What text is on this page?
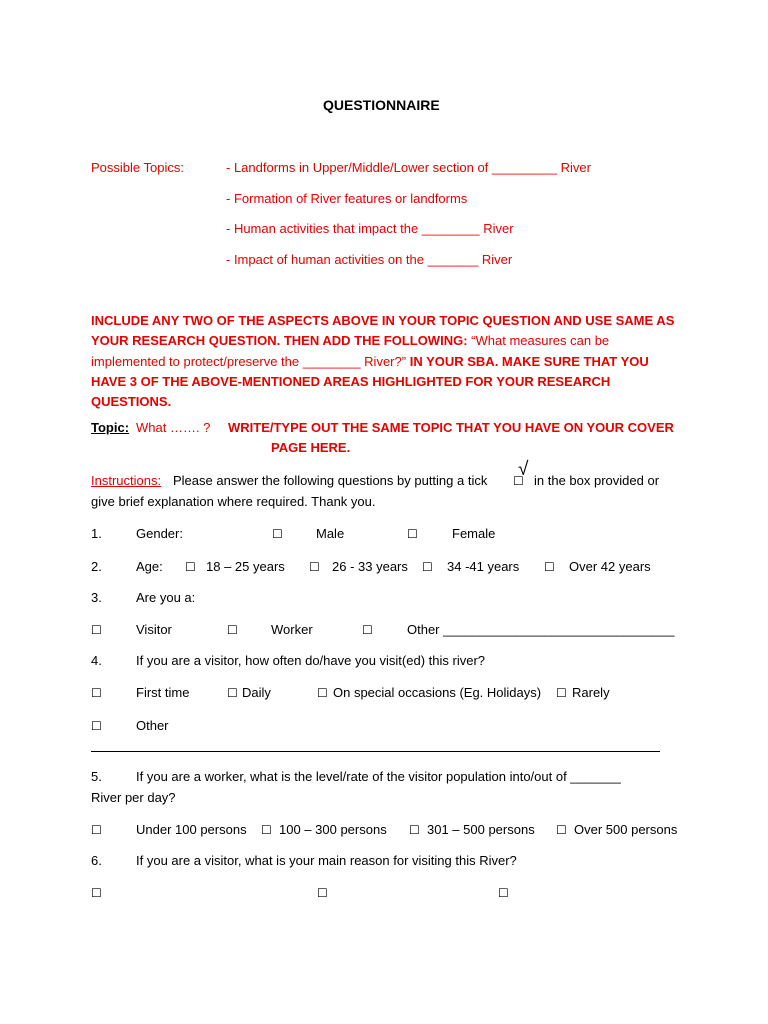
QUESTIONNAIRE
Possible Topics:	- Landforms in Upper/Middle/Lower section of _________ River
- Formation of River features or landforms
- Human activities that impact the ________ River
- Impact of human activities on the _______ River
INCLUDE ANY TWO OF THE ASPECTS ABOVE IN YOUR TOPIC QUESTION AND USE SAME AS YOUR RESEARCH QUESTION. THEN ADD THE FOLLOWING: “What measures can be implemented to protect/preserve the ________ River?” IN YOUR SBA. MAKE SURE THAT YOU HAVE 3 OF THE ABOVE-MENTIONED AREAS HIGHLIGHTED FOR YOUR RESEARCH QUESTIONS.
Topic: What ……. ? WRITE/TYPE OUT THE SAME TOPIC THAT YOU HAVE ON YOUR COVER
PAGE HERE.
Instructions: Please answer the following questions by putting a tick ☐
√
in the box provided or
give brief explanation where required. Thank you.
1.	Gender:	☐	Male	☐	Female
2.	Age: ☐ 18 – 25 years ☐ 26 - 33 years ☐ 34 -41 years ☐ Over 42 years
3.	Are you a:
☐	Visitor	☐	Worker	☐	Other ________________________________
4.	If you are a visitor, how often do/have you visit(ed) this river?
☐	First time	☐ Daily	☐ On special occasions (Eg. Holidays) ☐ Rarely
☐	Other
5.	If you are a worker, what is the level/rate of the visitor population into/out of _______
River per day?
☐	Under 100 persons ☐ 100 – 300 persons ☐ 301 – 500 persons ☐ Over 500 persons
6.	If you are a visitor, what is your main reason for visiting this River?
☐	☐	☐
